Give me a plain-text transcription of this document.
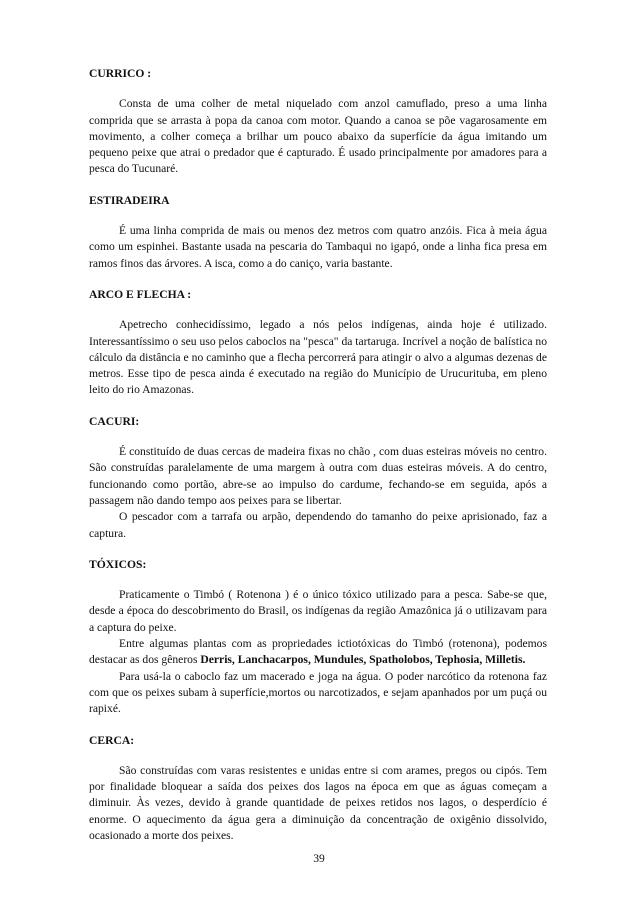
CURRICO :

Consta de uma colher de metal niquelado com anzol camuflado, preso a uma linha comprida que se arrasta à popa da canoa com motor. Quando a canoa se põe vagarosamente em movimento, a colher começa a brilhar um pouco abaixo da superfície da água imitando um pequeno peixe que atrai o predador que é capturado. É usado principalmente por amadores para a pesca do Tucunaré.

ESTIRADEIRA

É uma linha comprida de mais ou menos dez metros com quatro anzóis. Fica à meia água como um espinhei. Bastante usada na pescaria do Tambaqui no igapó, onde a linha fica presa em ramos finos das árvores. A isca, como a do caniço, varia bastante.

ARCO E FLECHA :

Apetrecho conhecidíssimo, legado a nós pelos indígenas, ainda hoje é utilizado. Interessantíssimo o seu uso pelos caboclos na "pesca" da tartaruga. Incrível a noção de balística no cálculo da distância e no caminho que a flecha percorrerá para atingir o alvo a algumas dezenas de metros. Esse tipo de pesca ainda é executado na região do Município de Urucurituba, em pleno leito do rio Amazonas.

CACURI:

É constituído de duas cercas de madeira fixas no chão , com duas esteiras móveis no centro. São construídas paralelamente de uma margem à outra com duas esteiras móveis. A do centro, funcionando como portão, abre-se ao impulso do cardume, fechando-se em seguida, após a passagem não dando tempo aos peixes para se libertar.

O pescador com a tarrafa ou arpão, dependendo do tamanho do peixe aprisionado, faz a captura.

TÓXICOS:

Praticamente o Timbó ( Rotenona ) é o único tóxico utilizado para a pesca. Sabe-se que, desde a época do descobrimento do Brasil, os indígenas da região Amazônica já o utilizavam para a captura do peixe.

Entre algumas plantas com as propriedades ictiotóxicas do Timbó (rotenona), podemos destacar as dos gêneros Derris, Lanchacarpos, Mundules, Spatholobos, Tephosia, Milletis.

Para usá-la o caboclo faz um macerado e joga na água. O poder narcótico da rotenona faz com que os peixes subam à superfície,mortos ou narcotizados, e sejam apanhados por um puçá ou rapixé.

CERCA:

São construídas com varas resistentes e unidas entre si com arames, pregos ou cipós. Tem por finalidade bloquear a saída dos peixes dos lagos na época em que as águas começam a diminuir. Às vezes, devido à grande quantidade de peixes retidos nos lagos, o desperdício é enorme. O aquecimento da água gera a diminuição da concentração de oxigênio dissolvido, ocasionado a morte dos peixes.

39
